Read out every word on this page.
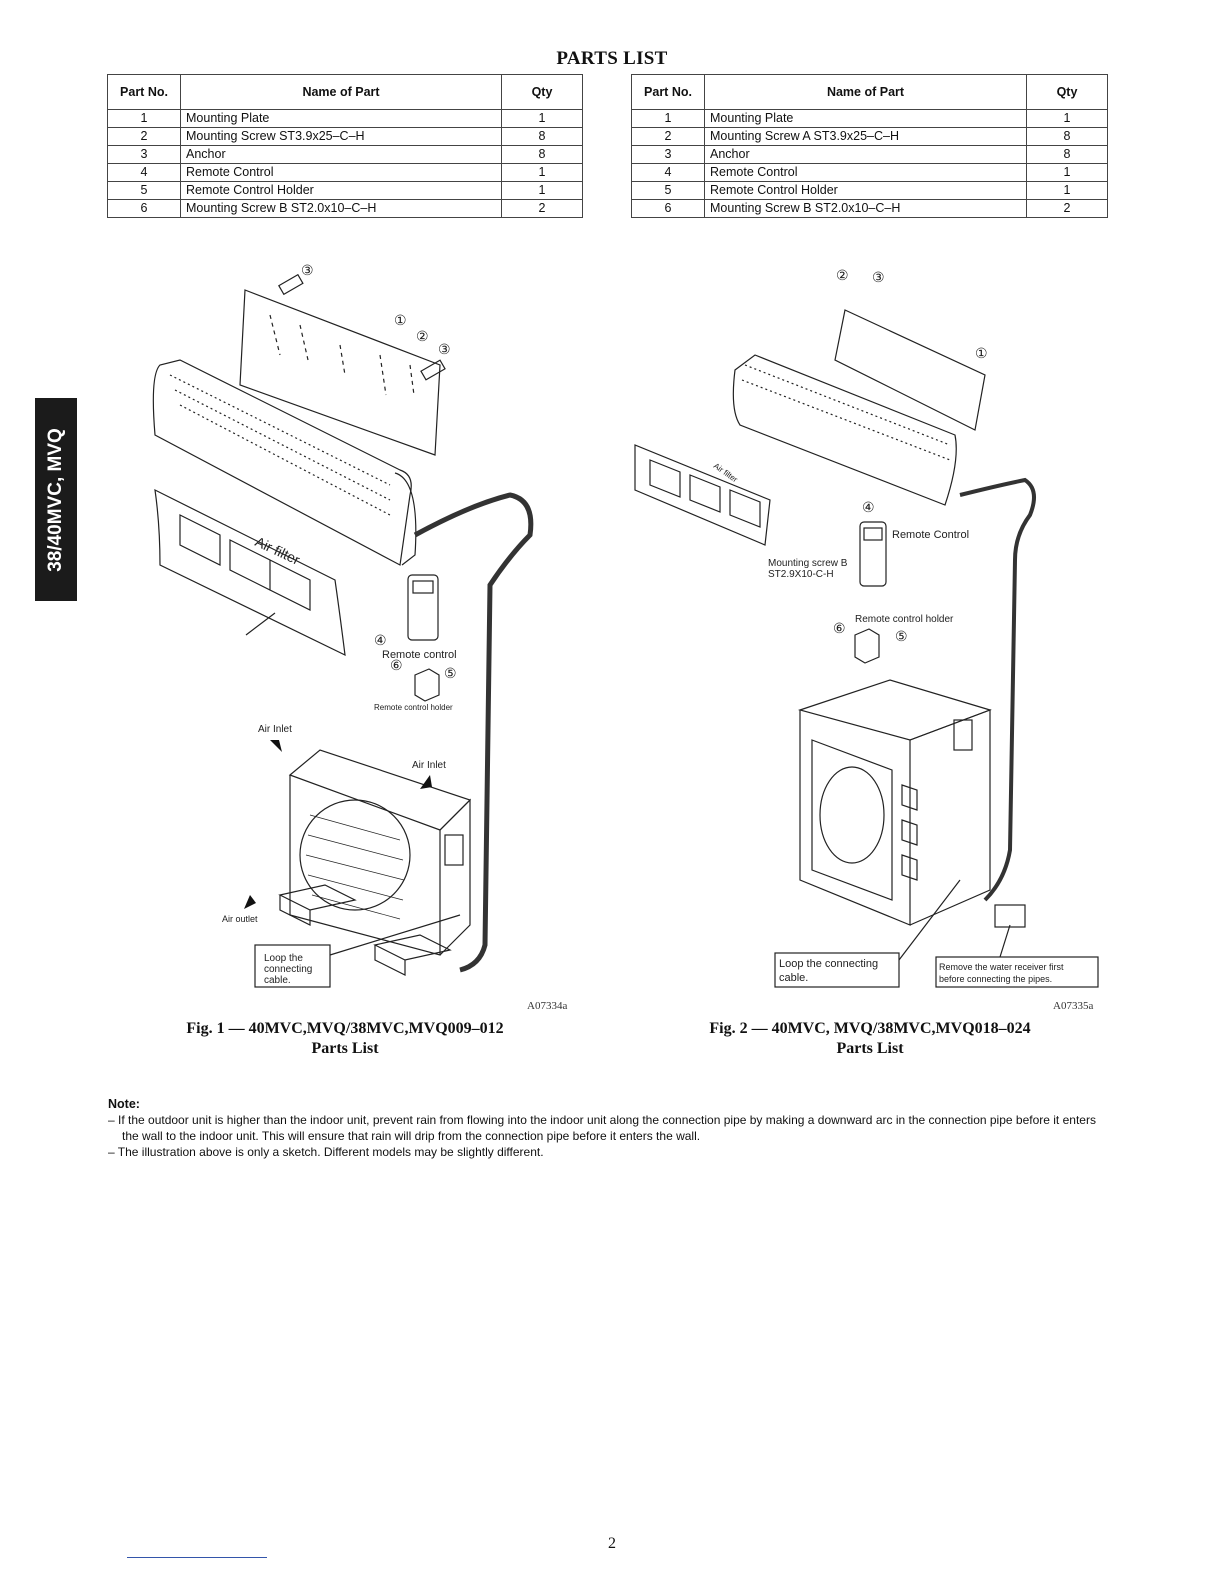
PARTS LIST
Part No.	Name of Part	Qty
1	Mounting Plate	1
2	Mounting Screw ST3.9x25–C–H	8
3	Anchor	8
4	Remote Control	1
5	Remote Control Holder	1
6	Mounting Screw B ST2.0x10–C–H	2
Part No.	Name of Part	Qty
1	Mounting Plate	1
2	Mounting Screw A ST3.9x25–C–H	8
3	Anchor	8
4	Remote Control	1
5	Remote Control Holder	1
6	Mounting Screw B ST2.0x10–C–H	2
38/40MVC, MVQ	Air filter
Remote control
Remote control holder
Air Inlet
Air Inlet
Air outlet
Loop the
connecting
cable.
③
①
②
③
④
⑥	⑤
A07334a
Fig. 1 — 40MVC,MVQ/38MVC,MVQ009–012
Parts List
Air filter
Remote Control
Mounting screw B
ST2.9X10-C-H
Remote control holder
Loop the connecting
cable.
Remove the water receiver first
before connecting the pipes.
② ③
①
④
⑥	⑤
A07335a
Fig. 2 — 40MVC, MVQ/38MVC,MVQ018–024
Parts List
Note:
– If the outdoor unit is higher than the indoor unit, prevent rain from flowing into the indoor unit along the connection pipe by making a downward arc in the connection pipe before it enters the wall to the indoor unit. This will ensure that rain will drip from the connection pipe before it enters the wall.
– The illustration above is only a sketch. Different models may be slightly different.
2
